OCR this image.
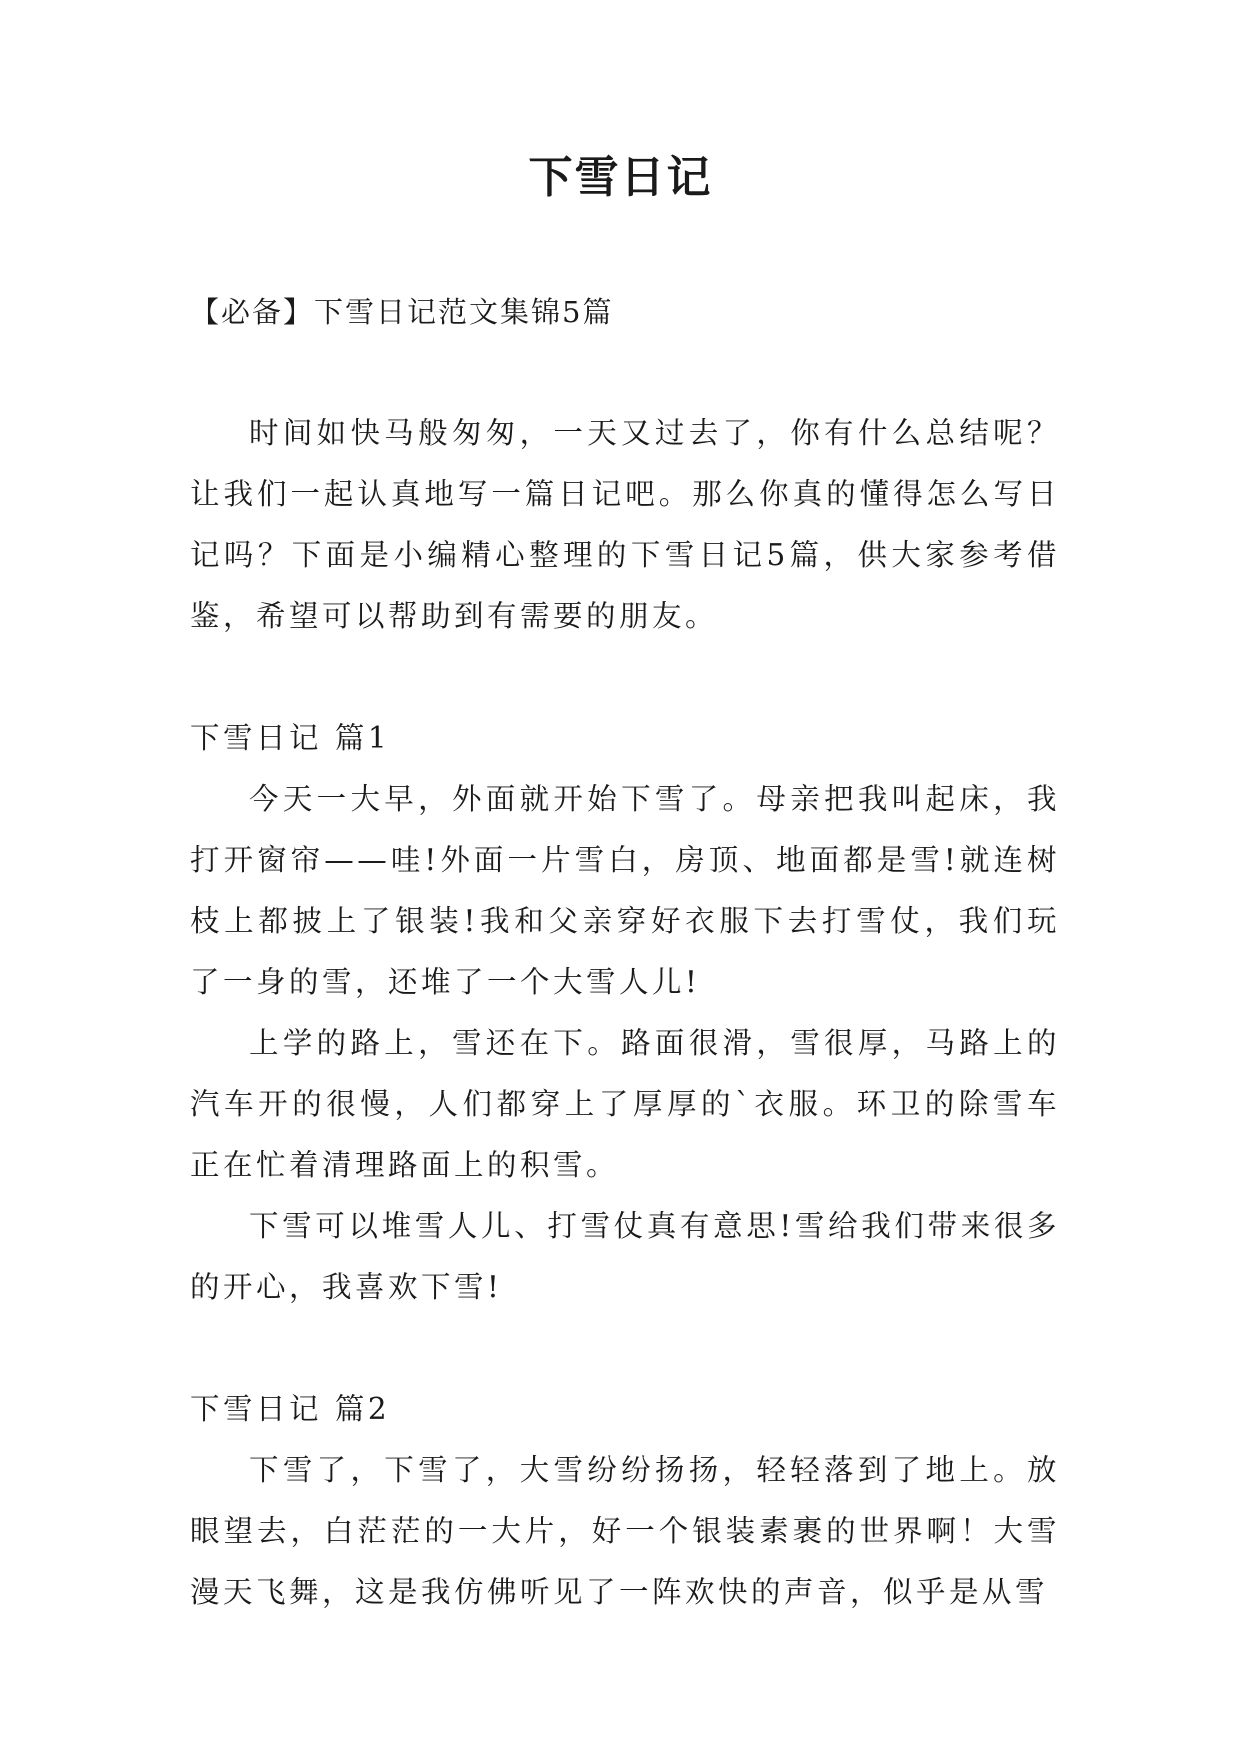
下雪日记

【必备】下雪日记范文集锦5篇

时间如快马般匆匆，一天又过去了，你有什么总结呢？让我们一起认真地写一篇日记吧。那么你真的懂得怎么写日记吗？下面是小编精心整理的下雪日记5篇，供大家参考借鉴，希望可以帮助到有需要的朋友。

下雪日记 篇1

今天一大早，外面就开始下雪了。母亲把我叫起床，我打开窗帘——哇!外面一片雪白，房顶、地面都是雪!就连树枝上都披上了银装!我和父亲穿好衣服下去打雪仗，我们玩了一身的雪，还堆了一个大雪人儿!

上学的路上，雪还在下。路面很滑，雪很厚，马路上的汽车开的很慢，人们都穿上了厚厚的`衣服。环卫的除雪车正在忙着清理路面上的积雪。

下雪可以堆雪人儿、打雪仗真有意思!雪给我们带来很多的开心，我喜欢下雪!

下雪日记 篇2

下雪了，下雪了，大雪纷纷扬扬，轻轻落到了地上。放眼望去，白茫茫的一大片，好一个银装素裹的世界啊！大雪漫天飞舞，这是我仿佛听见了一阵欢快的声音，似乎是从雪
